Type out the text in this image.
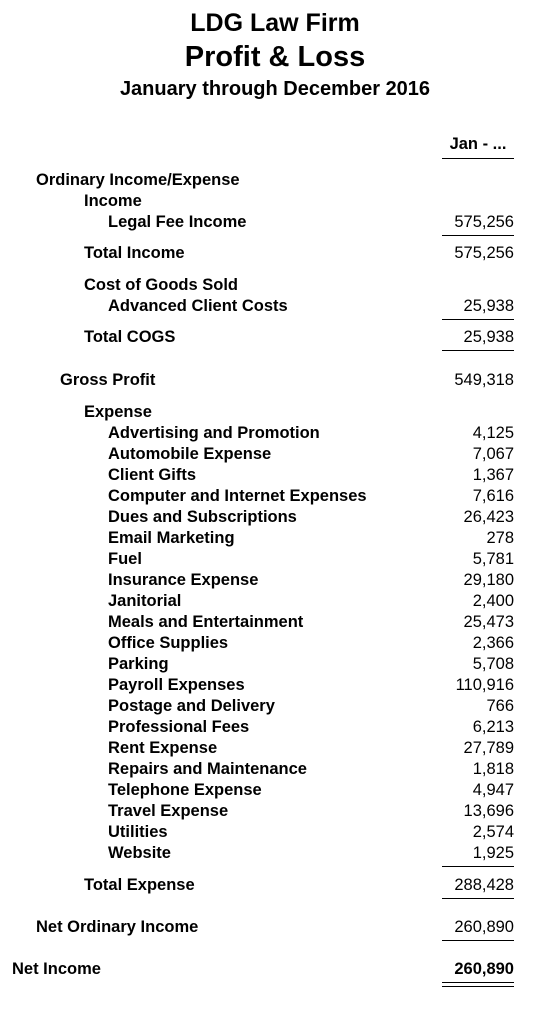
LDG Law Firm
Profit & Loss
January through December 2016
Jan - ...
Ordinary Income/Expense
Income
Legal Fee Income	575,256
Total Income	575,256
Cost of Goods Sold
Advanced Client Costs	25,938
Total COGS	25,938
Gross Profit	549,318
Expense
Advertising and Promotion	4,125
Automobile Expense	7,067
Client Gifts	1,367
Computer and Internet Expenses	7,616
Dues and Subscriptions	26,423
Email Marketing	278
Fuel	5,781
Insurance Expense	29,180
Janitorial	2,400
Meals and Entertainment	25,473
Office Supplies	2,366
Parking	5,708
Payroll Expenses	110,916
Postage and Delivery	766
Professional Fees	6,213
Rent Expense	27,789
Repairs and Maintenance	1,818
Telephone Expense	4,947
Travel Expense	13,696
Utilities	2,574
Website	1,925
Total Expense	288,428
Net Ordinary Income	260,890
Net Income	260,890
